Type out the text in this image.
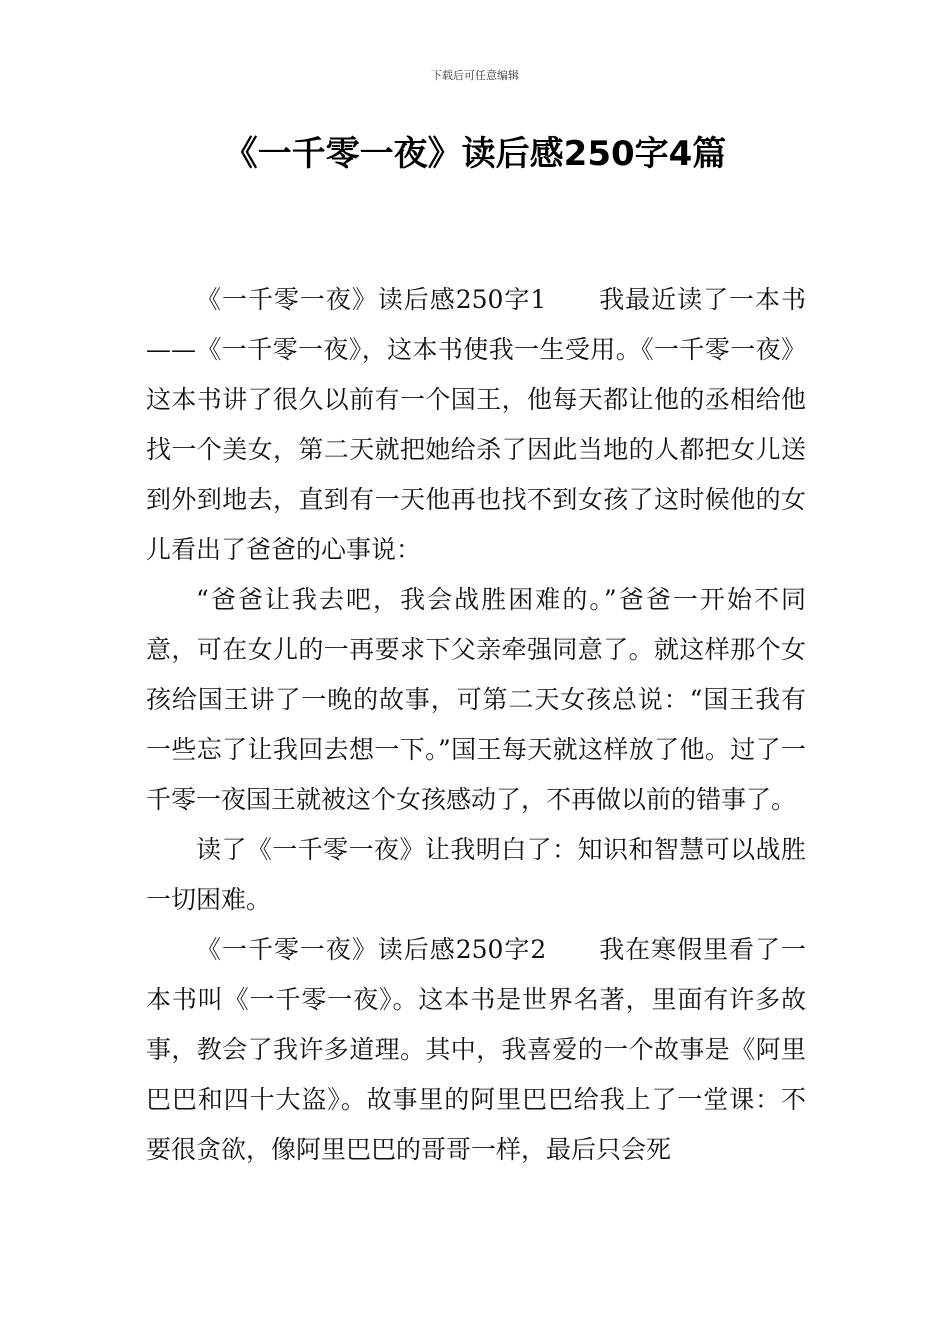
下载后可任意编辑
《一千零一夜》读后感250字4篇

《一千零一夜》读后感250字1　　我最近读了一本书——《一千零一夜》，这本书使我一生受用。《一千零一夜》这本书讲了很久以前有一个国王，他每天都让他的丞相给他找一个美女，第二天就把她给杀了因此当地的人都把女儿送到外到地去，直到有一天他再也找不到女孩了这时候他的女儿看出了爸爸的心事说：

“爸爸让我去吧，我会战胜困难的。”爸爸一开始不同意，可在女儿的一再要求下父亲牵强同意了。就这样那个女孩给国王讲了一晚的故事，可第二天女孩总说：“国王我有一些忘了让我回去想一下。”国王每天就这样放了他。过了一千零一夜国王就被这个女孩感动了，不再做以前的错事了。

读了《一千零一夜》让我明白了：知识和智慧可以战胜一切困难。

《一千零一夜》读后感250字2　　我在寒假里看了一本书叫《一千零一夜》。这本书是世界名著，里面有许多故事，教会了我许多道理。其中，我喜爱的一个故事是《阿里巴巴和四十大盗》。故事里的阿里巴巴给我上了一堂课：不要很贪欲，像阿里巴巴的哥哥一样，最后只会死
